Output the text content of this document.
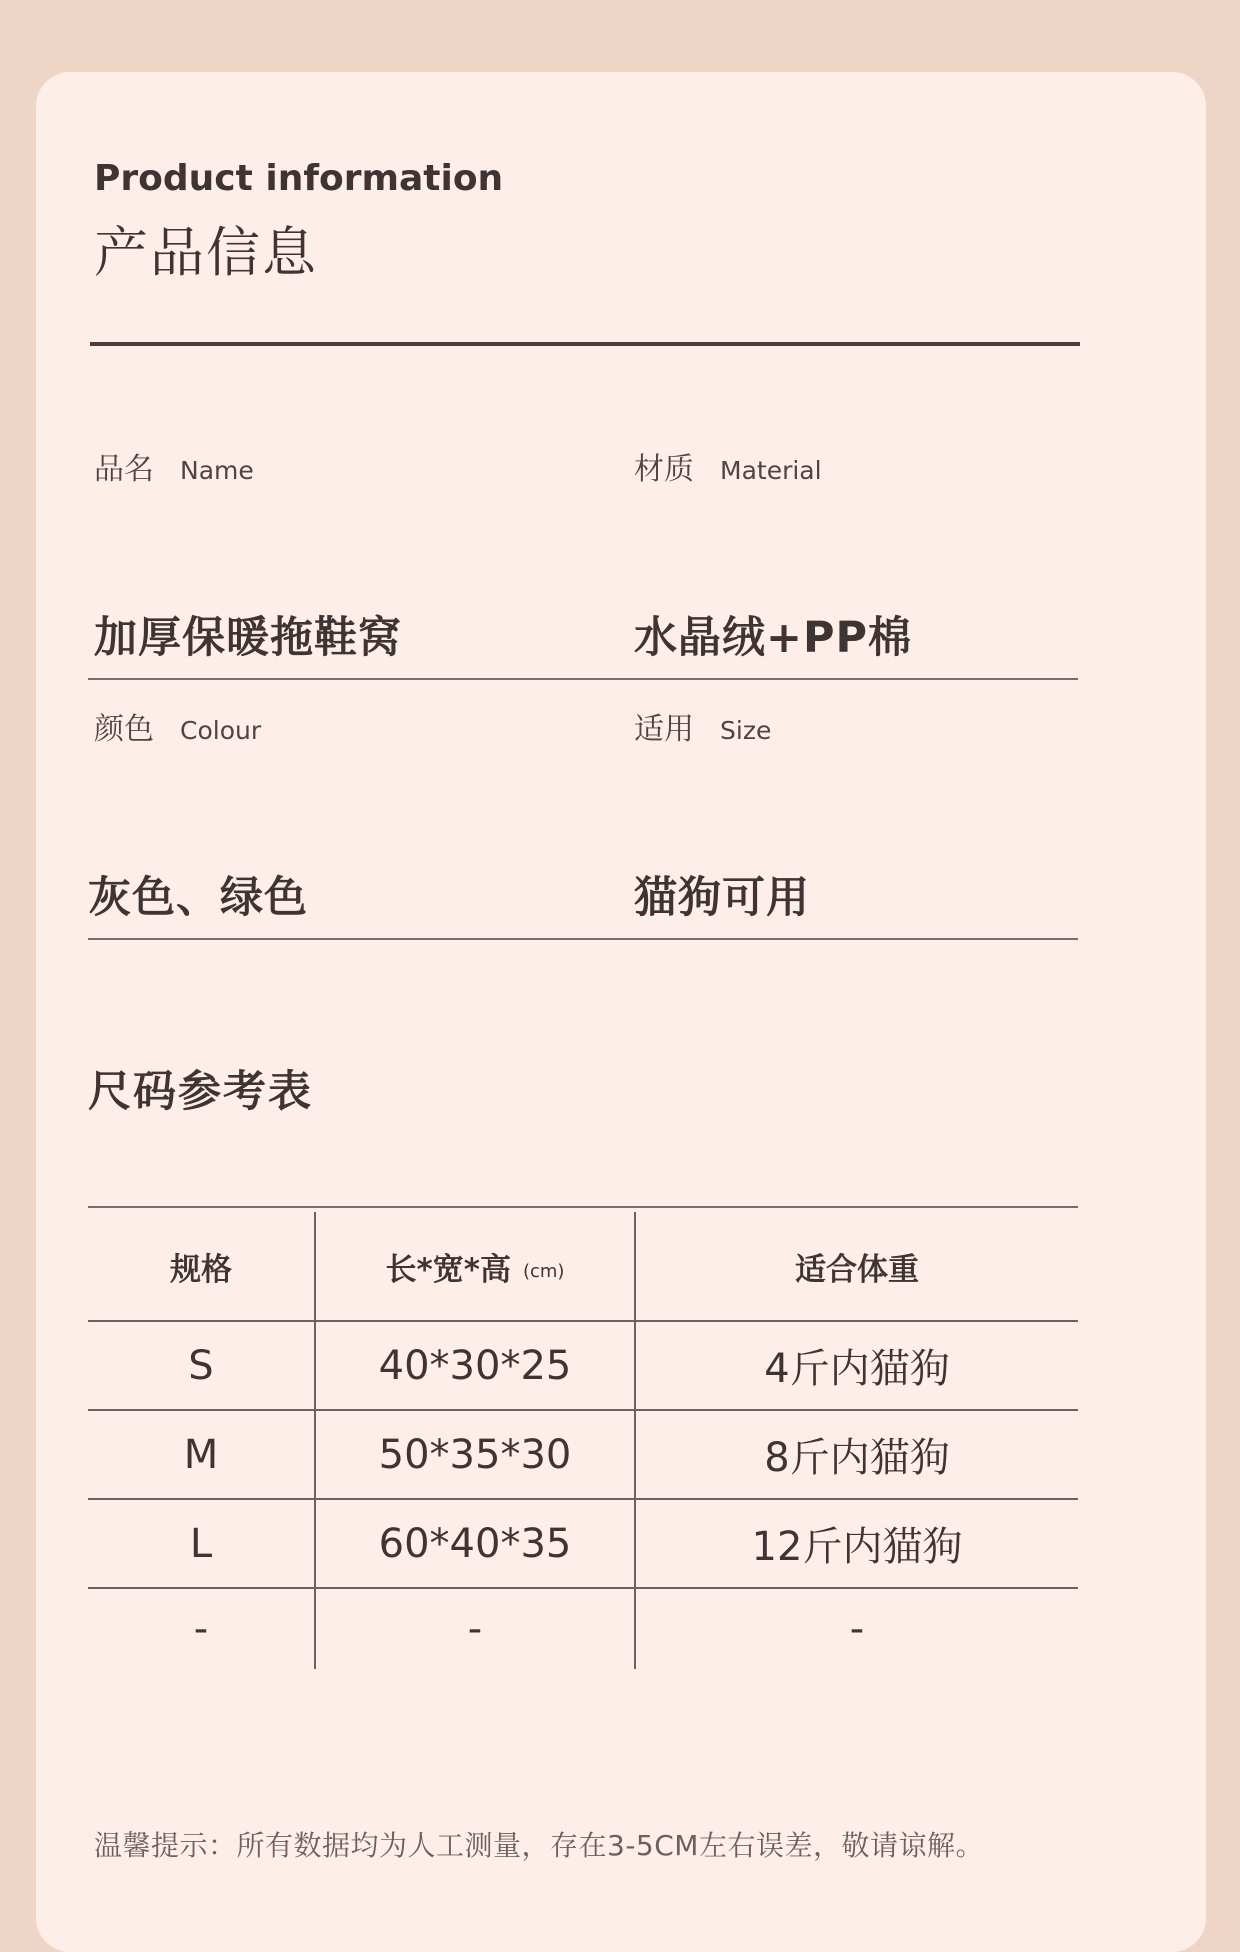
Product information
产品信息
品名 Name
加厚保暖拖鞋窝
材质 Material
水晶绒+PP棉
颜色 Colour
灰色、绿色
适用 Size
猫狗可用
尺码参考表
规格	长*宽*高 (cm)	适合体重
S	40*30*25	4斤内猫狗
M	50*35*30	8斤内猫狗
L	60*40*35	12斤内猫狗
-	-	-
温馨提示：所有数据均为人工测量，存在3-5CM左右误差，敬请谅解。
